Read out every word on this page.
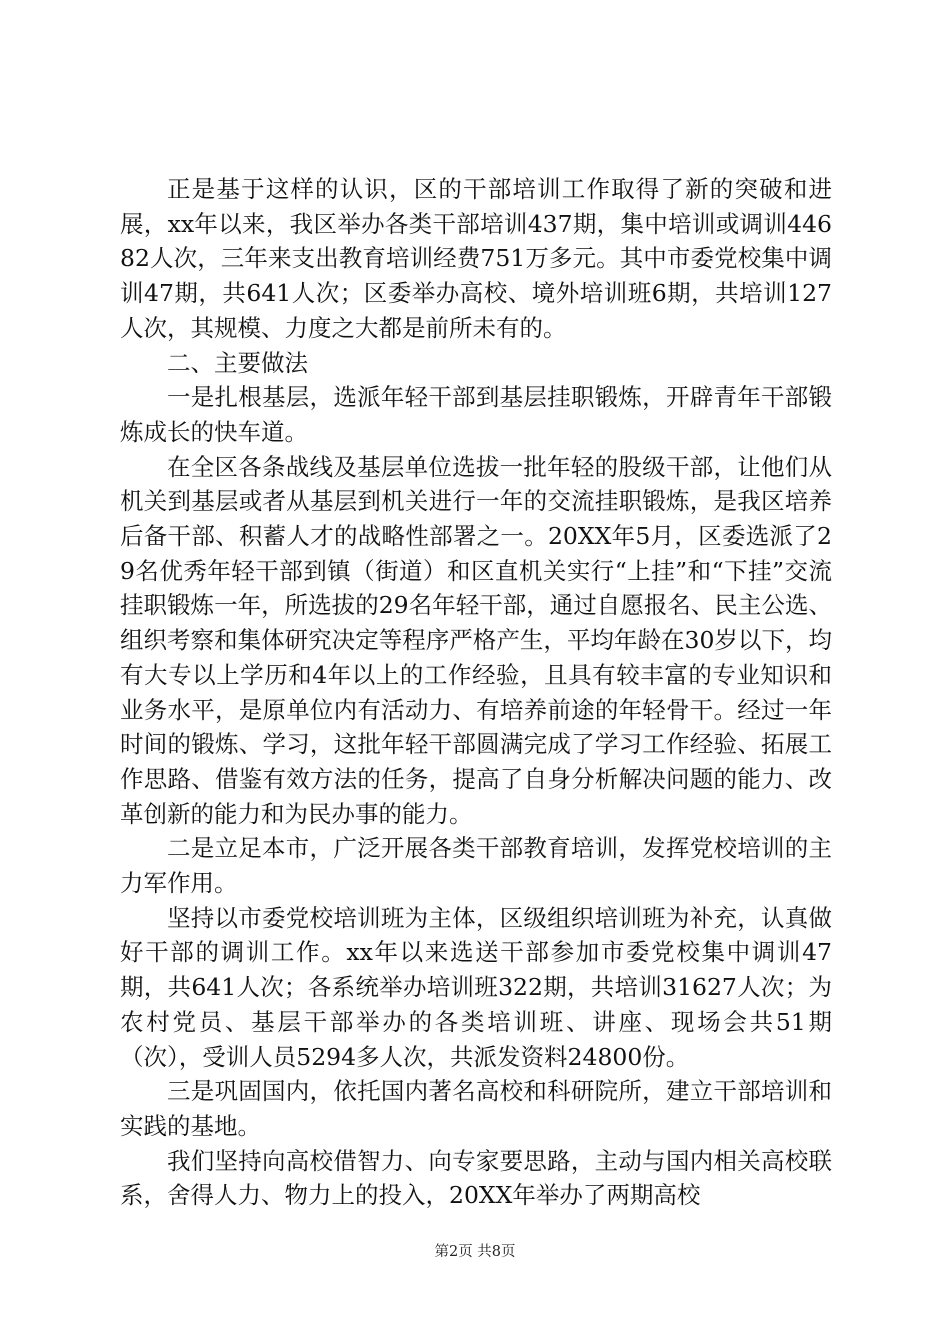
正是基于这样的认识，区的干部培训工作取得了新的突破和进展，xx年以来，我区举办各类干部培训437期，集中培训或调训44682人次，三年来支出教育培训经费751万多元。其中市委党校集中调训47期，共641人次；区委举办高校、境外培训班6期，共培训127人次，其规模、力度之大都是前所未有的。

二、主要做法

一是扎根基层，选派年轻干部到基层挂职锻炼，开辟青年干部锻炼成长的快车道。

在全区各条战线及基层单位选拔一批年轻的股级干部，让他们从机关到基层或者从基层到机关进行一年的交流挂职锻炼，是我区培养后备干部、积蓄人才的战略性部署之一。20XX年5月，区委选派了29名优秀年轻干部到镇（街道）和区直机关实行“上挂”和“下挂”交流挂职锻炼一年，所选拔的29名年轻干部，通过自愿报名、民主公选、组织考察和集体研究决定等程序严格产生，平均年龄在30岁以下，均有大专以上学历和4年以上的工作经验，且具有较丰富的专业知识和业务水平，是原单位内有活动力、有培养前途的年轻骨干。经过一年时间的锻炼、学习，这批年轻干部圆满完成了学习工作经验、拓展工作思路、借鉴有效方法的任务，提高了自身分析解决问题的能力、改革创新的能力和为民办事的能力。

二是立足本市，广泛开展各类干部教育培训，发挥党校培训的主力军作用。

坚持以市委党校培训班为主体，区级组织培训班为补充，认真做好干部的调训工作。xx年以来选送干部参加市委党校集中调训47期，共641人次；各系统举办培训班322期，共培训31627人次；为农村党员、基层干部举办的各类培训班、讲座、现场会共51期（次），受训人员5294多人次，共派发资料24800份。

三是巩固国内，依托国内著名高校和科研院所，建立干部培训和实践的基地。

我们坚持向高校借智力、向专家要思路，主动与国内相关高校联系，舍得人力、物力上的投入，20XX年举办了两期高校

第2页 共8页
